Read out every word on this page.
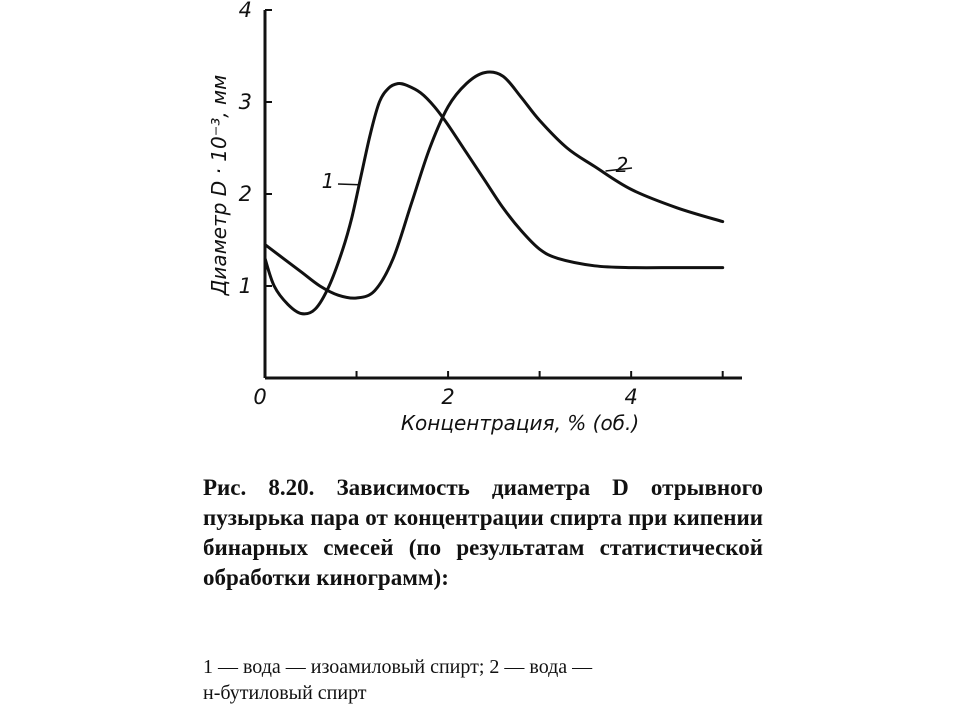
0	2	4
1
2
3
4
1
2
Диаметр D · 10⁻³, мм
Концентрация, % (об.)

Рис. 8.20. Зависимость диаметра D отрывного пузырька пара от концентрации спирта при кипении бинарных смесей (по результатам статистической обработки кинограмм):

1 — вода — изоамиловый спирт; 2 — вода —
н-бутиловый спирт
